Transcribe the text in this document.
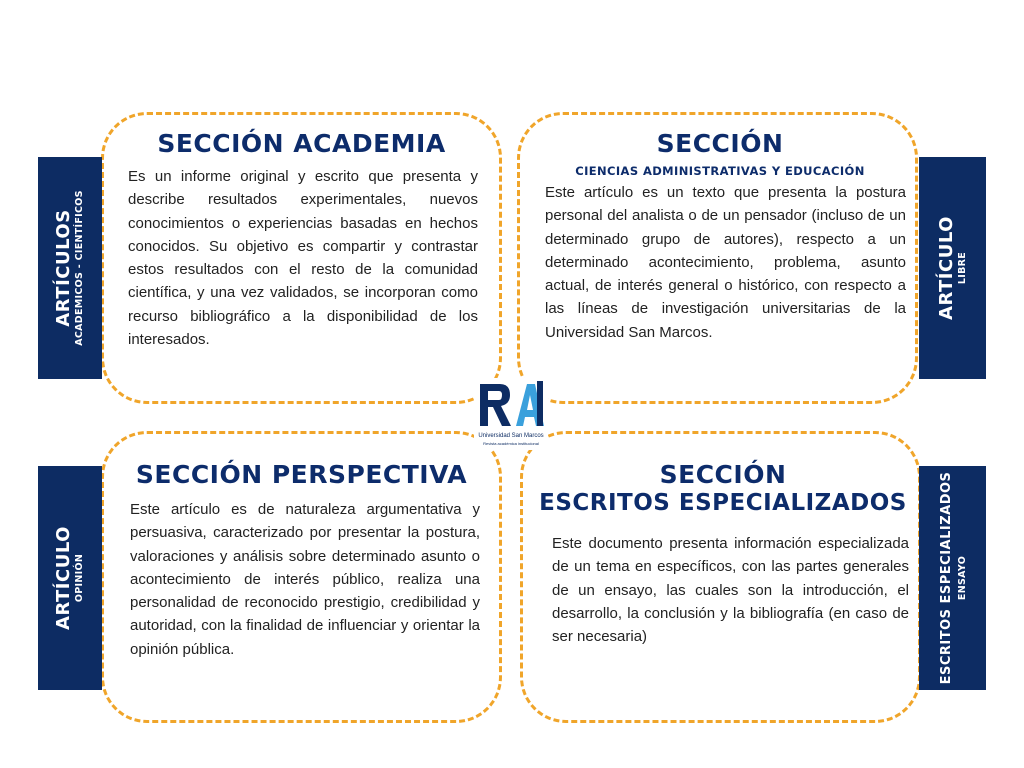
SECCIÓN ACADEMIA

Es un informe original y escrito que presenta y describe resultados experimentales, nuevos conocimientos o experiencias basadas en hechos conocidos. Su objetivo es compartir y contrastar estos resultados con el resto de la comunidad científica, y una vez validados, se incorporan como recurso bibliográfico a la disponibilidad de los interesados.

SECCIÓN
CIENCIAS ADMINISTRATIVAS Y EDUCACIÓN

Este artículo es un texto que presenta la postura personal del analista o de un pensador (incluso de un determinado grupo de autores), respecto a un determinado acontecimiento, problema, asunto actual, de interés general o histórico, con respecto a las líneas de investigación universitarias de la Universidad San Marcos.

SECCIÓN PERSPECTIVA

Este artículo es de naturaleza argumentativa y persuasiva, caracterizado por presentar la postura, valoraciones y análisis sobre determinado asunto o acontecimiento de interés público, realiza una personalidad de reconocido prestigio, credibilidad y autoridad, con la finalidad de influenciar y orientar la opinión pública.

SECCIÓN
ESCRITOS ESPECIALIZADOS

Este documento presenta información especializada de un tema en específicos, con las partes generales de un ensayo, las cuales son la introducción, el desarrollo, la conclusión y la bibliografía (en caso de ser necesaria)

ARTÍCULOS ACADEMICOS - CIENTÍFICOS	ARTÍCULO LIBRE
ARTÍCULO OPINIÓN	ESCRITOS ESPECIALIZADOS ENSAYO
Universidad San Marcos
Revista académica institucional
